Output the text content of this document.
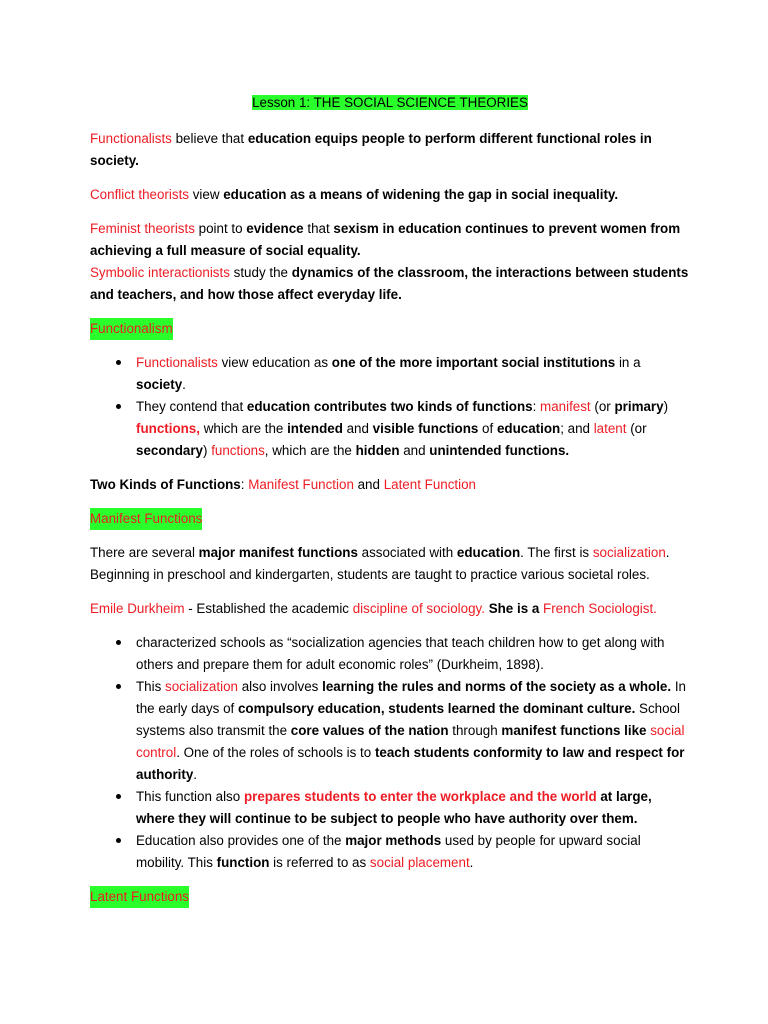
Lesson 1: THE SOCIAL SCIENCE THEORIES

Functionalists believe that education equips people to perform different functional roles in society.

Conflict theorists view education as a means of widening the gap in social inequality.

Feminist theorists point to evidence that sexism in education continues to prevent women from achieving a full measure of social equality.

Symbolic interactionists study the dynamics of the classroom, the interactions between students and teachers, and how those affect everyday life.

Functionalism

Functionalists view education as one of the more important social institutions in a society.
They contend that education contributes two kinds of functions: manifest (or primary) functions, which are the intended and visible functions of education; and latent (or secondary) functions, which are the hidden and unintended functions.

Two Kinds of Functions: Manifest Function and Latent Function

Manifest Functions

There are several major manifest functions associated with education. The first is socialization. Beginning in preschool and kindergarten, students are taught to practice various societal roles.

Emile Durkheim - Established the academic discipline of sociology. She is a French Sociologist.

characterized schools as “socialization agencies that teach children how to get along with others and prepare them for adult economic roles” (Durkheim, 1898).
This socialization also involves learning the rules and norms of the society as a whole. In the early days of compulsory education, students learned the dominant culture. School systems also transmit the core values of the nation through manifest functions like social control. One of the roles of schools is to teach students conformity to law and respect for authority.
This function also prepares students to enter the workplace and the world at large, where they will continue to be subject to people who have authority over them.
Education also provides one of the major methods used by people for upward social mobility. This function is referred to as social placement.

Latent Functions
